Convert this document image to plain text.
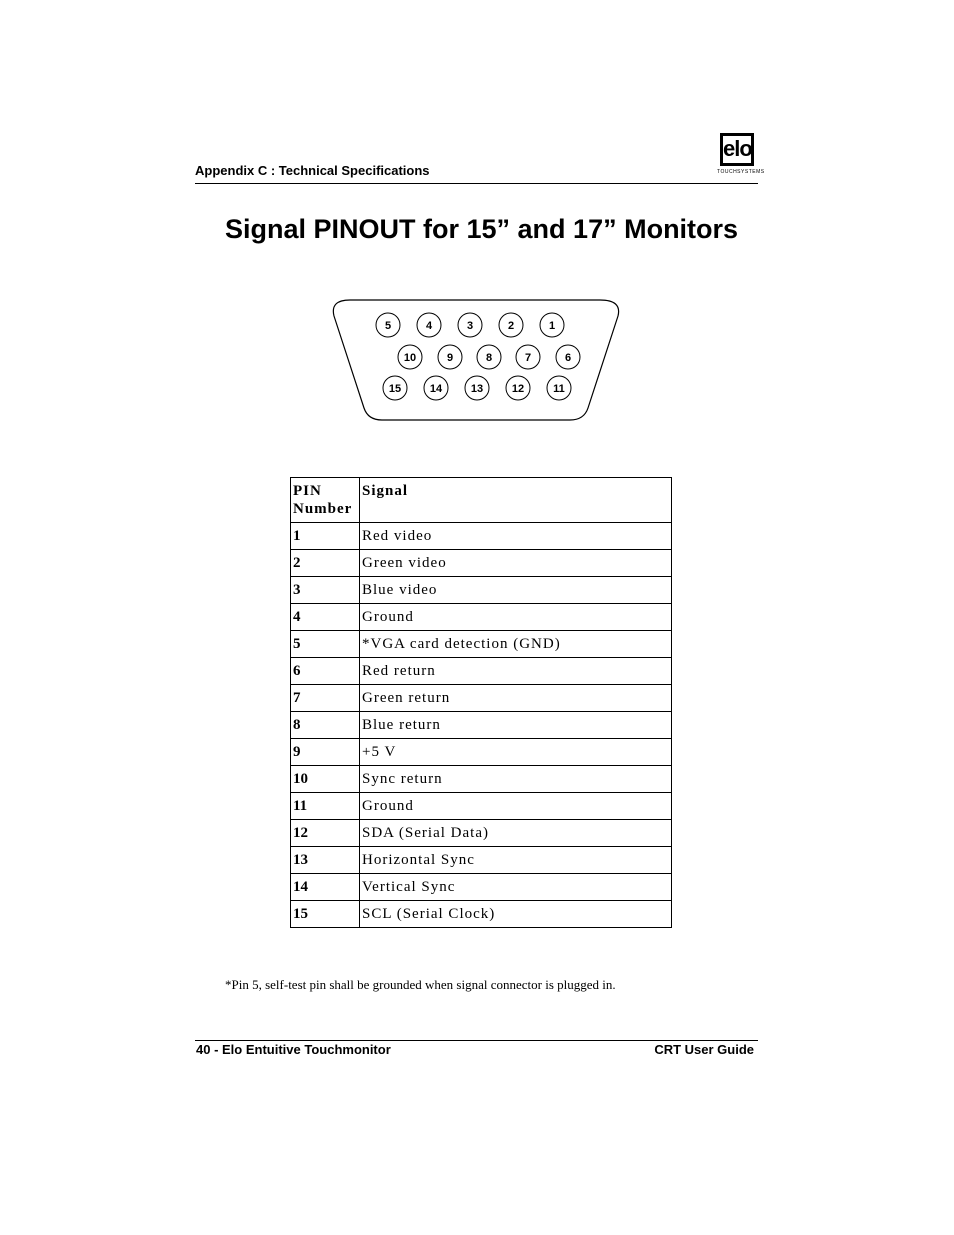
Appendix C : Technical Specifications
elo
TOUCHSYSTEMS
Signal PINOUT for 15” and 17” Monitors
5	4	3	2	1
10	9	8	7	6
15	14	13	12	11
PIN
Number	Signal
1	Red video
2	Green video
3	Blue video
4	Ground
5	*VGA card detection (GND)
6	Red return
7	Green return
8	Blue return
9	+5 V
10	Sync return
11	Ground
12	SDA (Serial Data)
13	Horizontal Sync
14	Vertical Sync
15	SCL (Serial Clock)
*Pin 5, self-test pin shall be grounded when signal connector is plugged in.
40 - Elo Entuitive Touchmonitor	CRT User Guide
